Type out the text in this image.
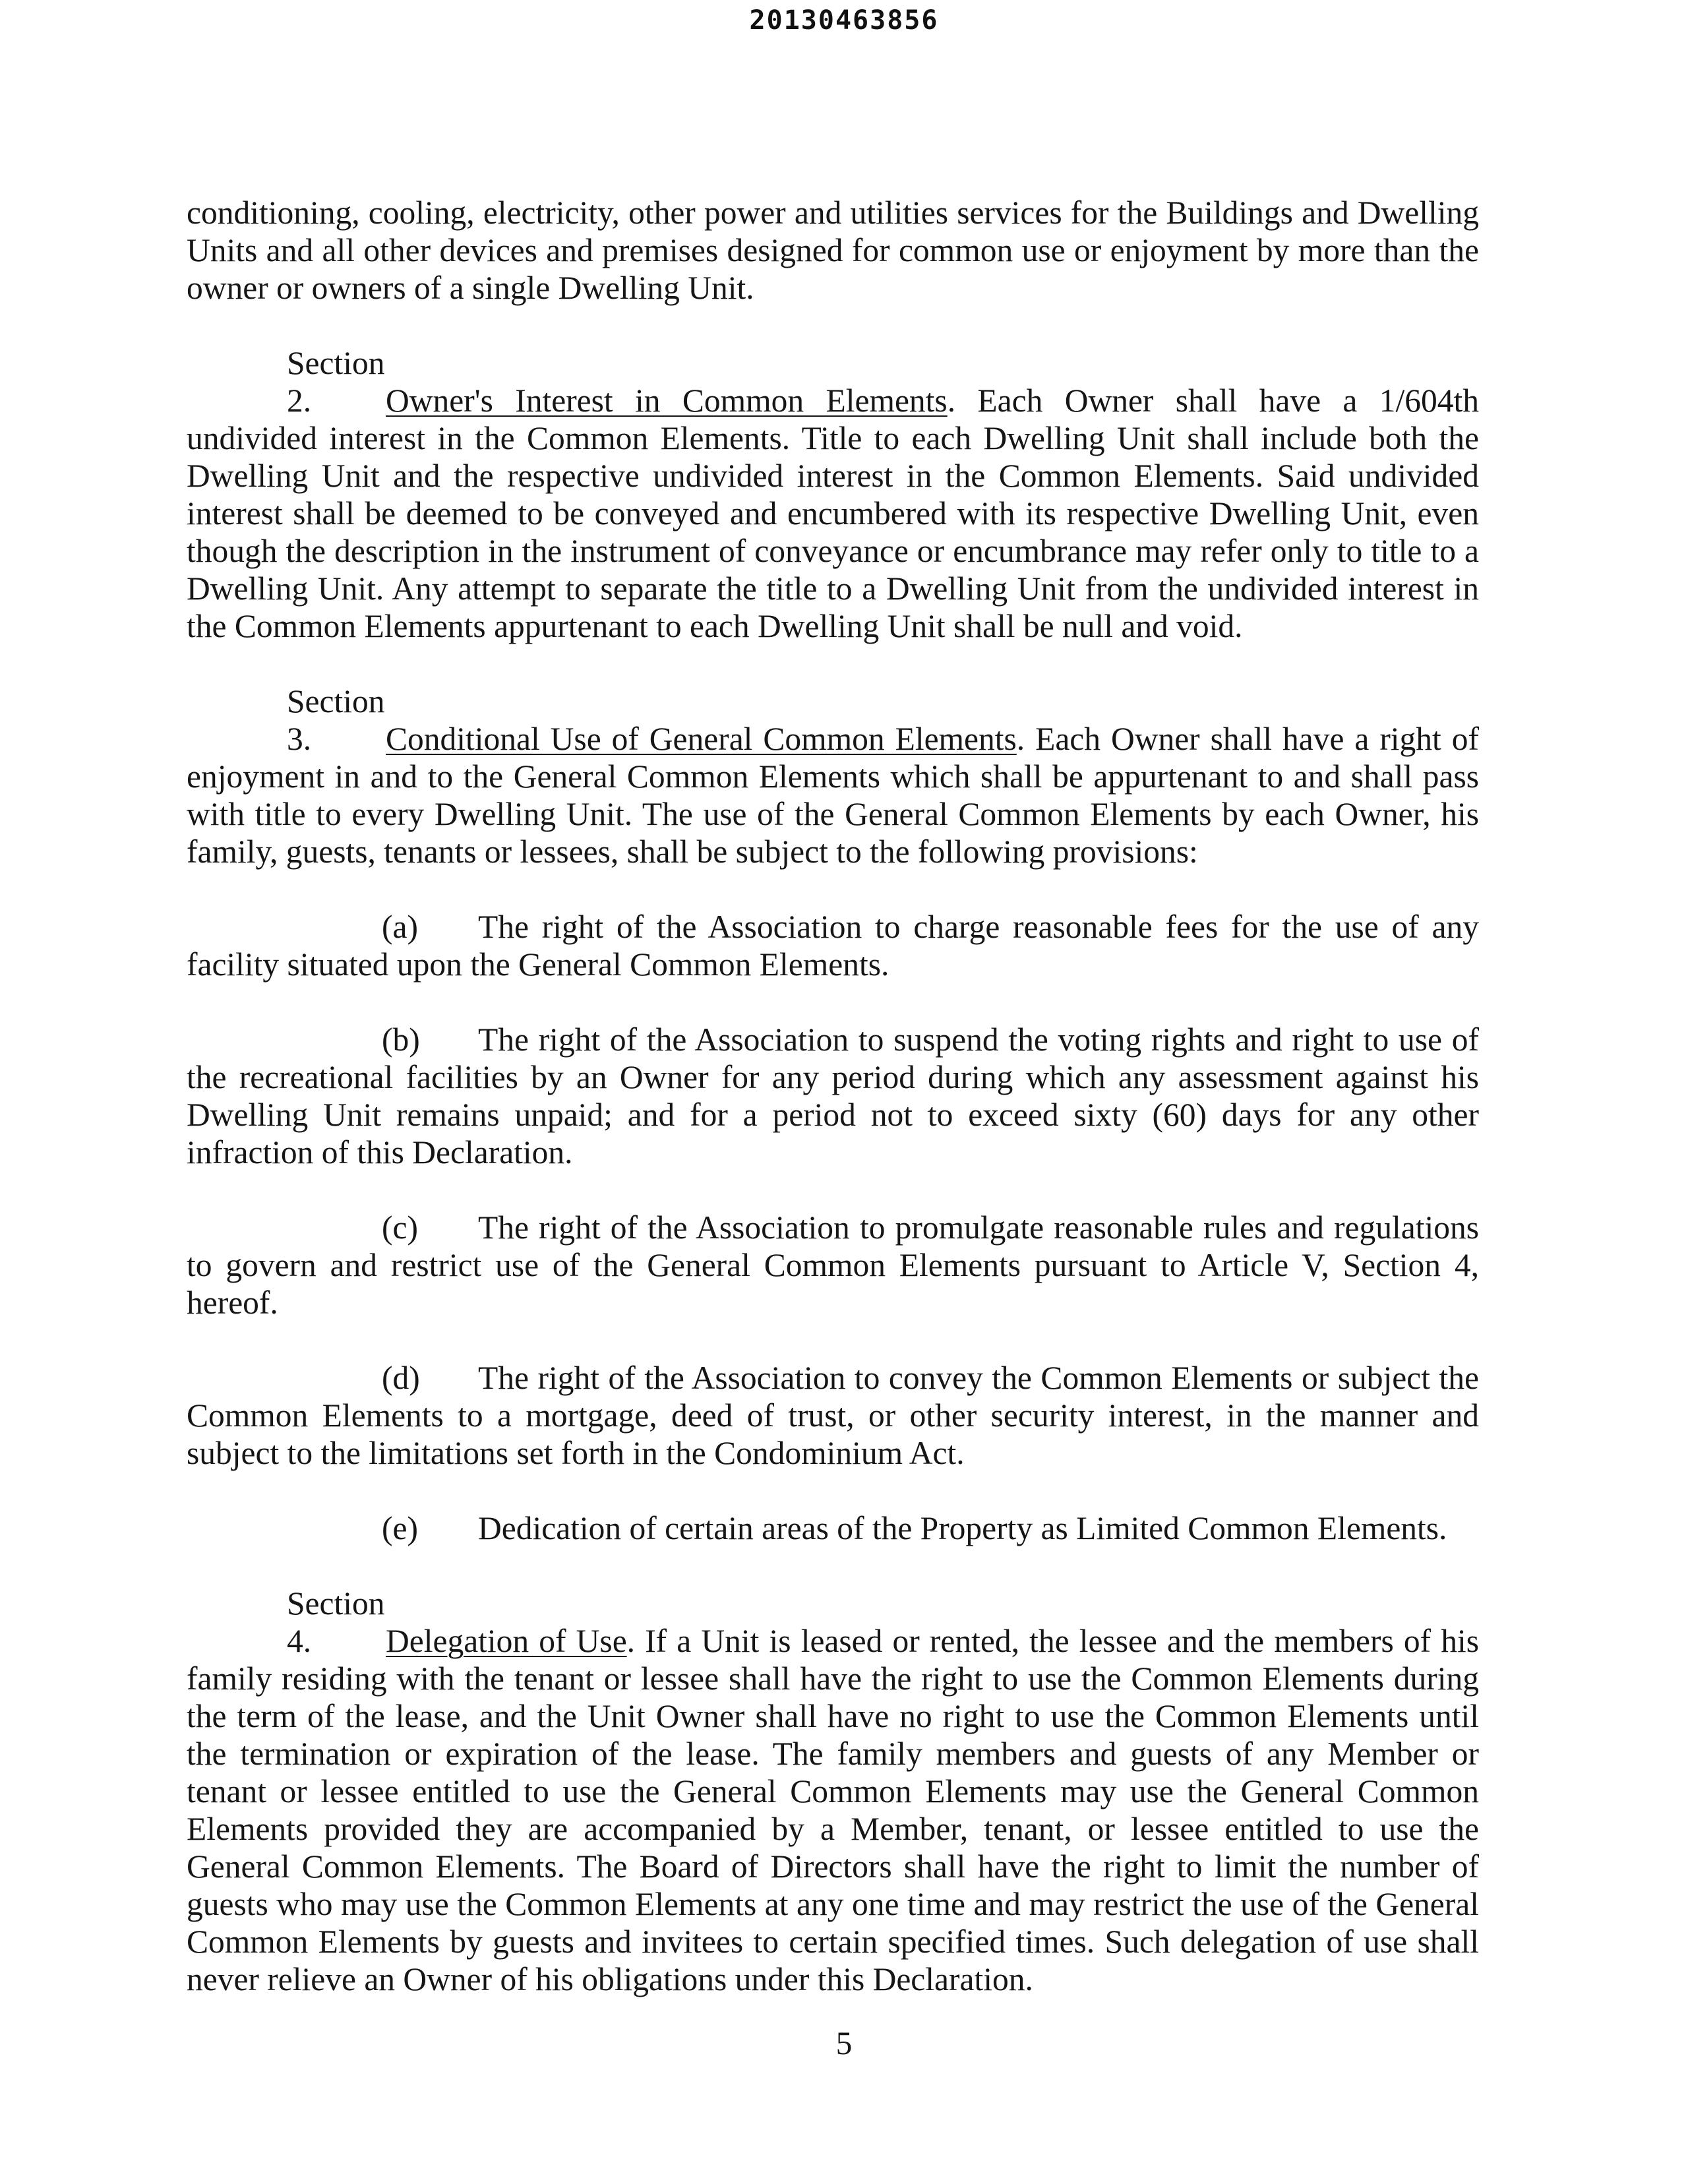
20130463856

conditioning, cooling, electricity, other power and utilities services for the Buildings and Dwelling Units and all other devices and premises designed for common use or enjoyment by more than the owner or owners of a single Dwelling Unit.

Section 2. Owner's Interest in Common Elements. Each Owner shall have a 1/604th undivided interest in the Common Elements. Title to each Dwelling Unit shall include both the Dwelling Unit and the respective undivided interest in the Common Elements. Said undivided interest shall be deemed to be conveyed and encumbered with its respective Dwelling Unit, even though the description in the instrument of conveyance or encumbrance may refer only to title to a Dwelling Unit. Any attempt to separate the title to a Dwelling Unit from the undivided interest in the Common Elements appurtenant to each Dwelling Unit shall be null and void.

Section 3. Conditional Use of General Common Elements. Each Owner shall have a right of enjoyment in and to the General Common Elements which shall be appurtenant to and shall pass with title to every Dwelling Unit. The use of the General Common Elements by each Owner, his family, guests, tenants or lessees, shall be subject to the following provisions:

(a) The right of the Association to charge reasonable fees for the use of any facility situated upon the General Common Elements.

(b) The right of the Association to suspend the voting rights and right to use of the recreational facilities by an Owner for any period during which any assessment against his Dwelling Unit remains unpaid; and for a period not to exceed sixty (60) days for any other infraction of this Declaration.

(c) The right of the Association to promulgate reasonable rules and regulations to govern and restrict use of the General Common Elements pursuant to Article V, Section 4, hereof.

(d) The right of the Association to convey the Common Elements or subject the Common Elements to a mortgage, deed of trust, or other security interest, in the manner and subject to the limitations set forth in the Condominium Act.

(e) Dedication of certain areas of the Property as Limited Common Elements.

Section 4. Delegation of Use. If a Unit is leased or rented, the lessee and the members of his family residing with the tenant or lessee shall have the right to use the Common Elements during the term of the lease, and the Unit Owner shall have no right to use the Common Elements until the termination or expiration of the lease. The family members and guests of any Member or tenant or lessee entitled to use the General Common Elements may use the General Common Elements provided they are accompanied by a Member, tenant, or lessee entitled to use the General Common Elements. The Board of Directors shall have the right to limit the number of guests who may use the Common Elements at any one time and may restrict the use of the General Common Elements by guests and invitees to certain specified times. Such delegation of use shall never relieve an Owner of his obligations under this Declaration.

5
